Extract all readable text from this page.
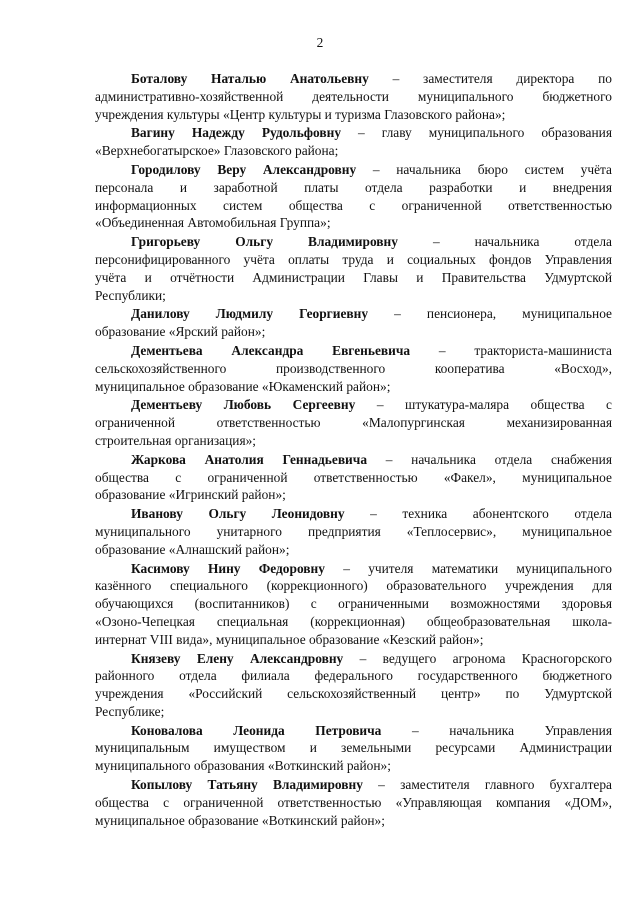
2
Боталову Наталью Анатольевну – заместителя директора по
административно-хозяйственной деятельности муниципального бюджетного
учреждения культуры «Центр культуры и туризма Глазовского района»;
Вагину Надежду Рудольфовну – главу муниципального образования
«Верхнебогатырское» Глазовского района;
Городилову Веру Александровну – начальника бюро систем учёта
персонала и заработной платы отдела разработки и внедрения
информационных систем общества с ограниченной ответственностью
«Объединенная Автомобильная Группа»;
Григорьеву Ольгу Владимировну – начальника отдела
персонифицированного учёта оплаты труда и социальных фондов Управления
учёта и отчётности Администрации Главы и Правительства Удмуртской
Республики;
Данилову Людмилу Георгиевну – пенсионера, муниципальное
образование «Ярский район»;
Дементьева Александра Евгеньевича – тракториста-машиниста
сельскохозяйственного производственного кооператива «Восход»,
муниципальное образование «Юкаменский район»;
Дементьеву Любовь Сергеевну – штукатура-маляра общества с
ограниченной ответственностью «Малопургинская механизированная
строительная организация»;
Жаркова Анатолия Геннадьевича – начальника отдела снабжения
общества с ограниченной ответственностью «Факел», муниципальное
образование «Игринский район»;
Иванову Ольгу Леонидовну – техника абонентского отдела
муниципального унитарного предприятия «Теплосервис», муниципальное
образование «Алнашский район»;
Касимову Нину Федоровну – учителя математики муниципального
казённого специального (коррекционного) образовательного учреждения для
обучающихся (воспитанников) с ограниченными возможностями здоровья
«Озоно-Чепецкая специальная (коррекционная) общеобразовательная школа-
интернат VIII вида», муниципальное образование «Кезский район»;
Князеву Елену Александровну – ведущего агронома Красногорского
районного отдела филиала федерального государственного бюджетного
учреждения «Российский сельскохозяйственный центр» по Удмуртской
Республике;
Коновалова Леонида Петровича – начальника Управления
муниципальным имуществом и земельными ресурсами Администрации
муниципального образования «Воткинский район»;
Копылову Татьяну Владимировну – заместителя главного бухгалтера
общества с ограниченной ответственностью «Управляющая компания «ДОМ»,
муниципальное образование «Воткинский район»;
